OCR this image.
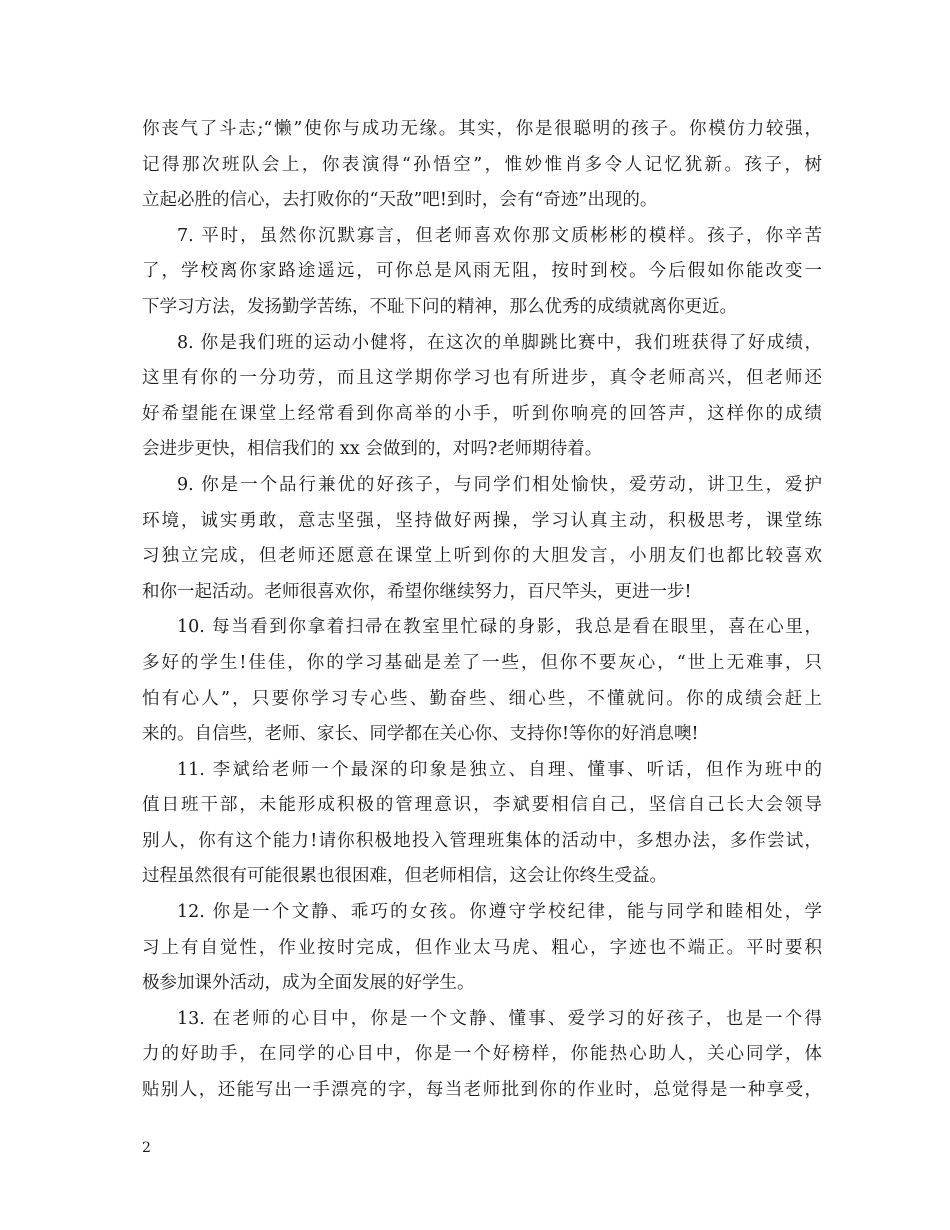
你丧气了斗志;“懒”使你与成功无缘。其实，你是很聪明的孩子。你模仿力较强，
记得那次班队会上，你表演得“孙悟空”，惟妙惟肖多令人记忆犹新。孩子，树
立起必胜的信心，去打败你的“天敌”吧!到时，会有“奇迹”出现的。
7. 平时，虽然你沉默寡言，但老师喜欢你那文质彬彬的模样。孩子，你辛苦
了，学校离你家路途遥远，可你总是风雨无阻，按时到校。今后假如你能改变一
下学习方法，发扬勤学苦练，不耻下问的精神，那么优秀的成绩就离你更近。
8. 你是我们班的运动小健将，在这次的单脚跳比赛中，我们班获得了好成绩，
这里有你的一分功劳，而且这学期你学习也有所进步，真令老师高兴，但老师还
好希望能在课堂上经常看到你高举的小手，听到你响亮的回答声，这样你的成绩
会进步更快，相信我们的 xx 会做到的，对吗?老师期待着。
9. 你是一个品行兼优的好孩子，与同学们相处愉快，爱劳动，讲卫生，爱护
环境，诚实勇敢，意志坚强，坚持做好两操，学习认真主动，积极思考，课堂练
习独立完成，但老师还愿意在课堂上听到你的大胆发言，小朋友们也都比较喜欢
和你一起活动。老师很喜欢你，希望你继续努力，百尺竿头，更进一步!
10. 每当看到你拿着扫帚在教室里忙碌的身影，我总是看在眼里，喜在心里，
多好的学生!佳佳，你的学习基础是差了一些，但你不要灰心，“世上无难事，只
怕有心人”，只要你学习专心些、勤奋些、细心些，不懂就问。你的成绩会赶上
来的。自信些，老师、家长、同学都在关心你、支持你!等你的好消息噢!
11. 李斌给老师一个最深的印象是独立、自理、懂事、听话，但作为班中的
值日班干部，未能形成积极的管理意识，李斌要相信自己，坚信自己长大会领导
别人，你有这个能力!请你积极地投入管理班集体的活动中，多想办法，多作尝试，
过程虽然很有可能很累也很困难，但老师相信，这会让你终生受益。
12. 你是一个文静、乖巧的女孩。你遵守学校纪律，能与同学和睦相处，学
习上有自觉性，作业按时完成，但作业太马虎、粗心，字迹也不端正。平时要积
极参加课外活动，成为全面发展的好学生。
13. 在老师的心目中，你是一个文静、懂事、爱学习的好孩子，也是一个得
力的好助手，在同学的心目中，你是一个好榜样，你能热心助人，关心同学，体
贴别人，还能写出一手漂亮的字，每当老师批到你的作业时，总觉得是一种享受，
2
